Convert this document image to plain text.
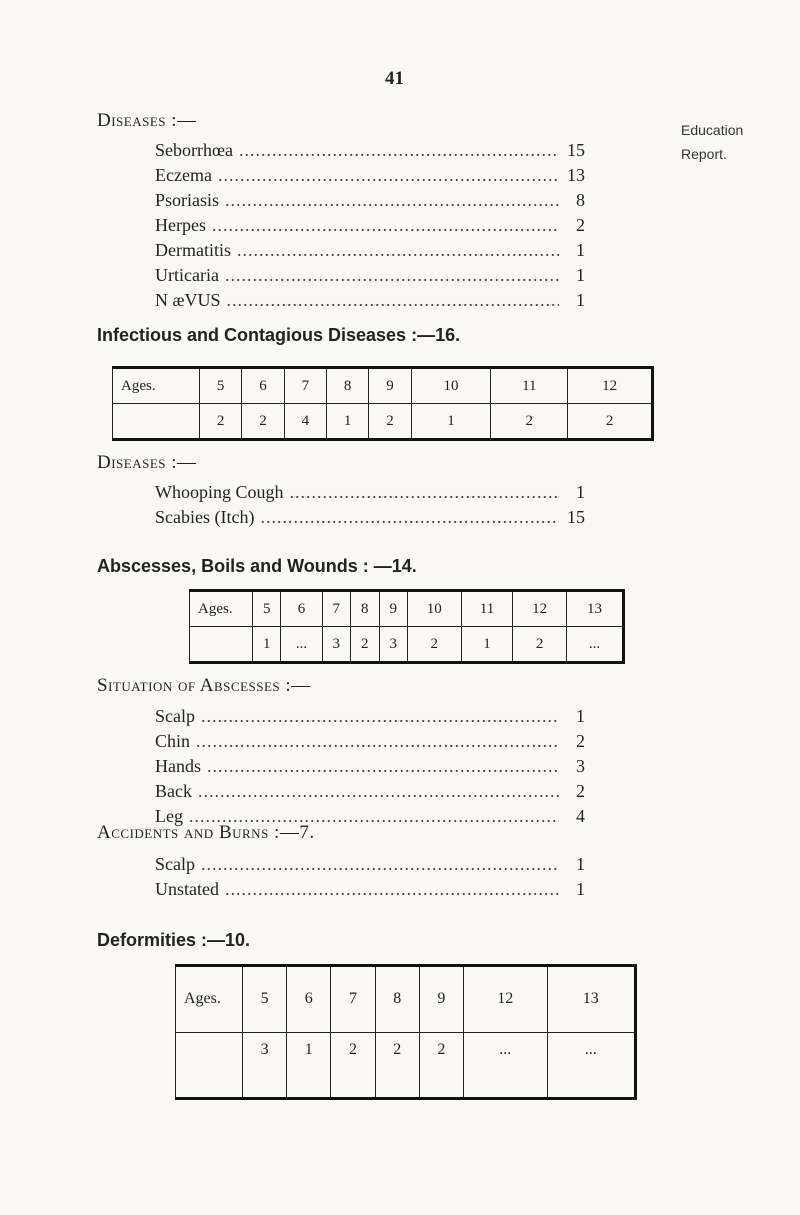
41
Education
Report.
Diseases :—
Seborrhœa .....	15
Eczema .....	13
Psoriasis .....	8
Herpes .....	2
Dermatitis .....	1
Urticaria .....	1
N æVUS .....	1
Infectious and Contagious Diseases :—16.
Ages.	5	6	7	8	9	10	11	12
	2	2	4	1	2	1	2	2
Diseases :—
Whooping Cough .....	1
Scabies (Itch) .....	15
Abscesses, Boils and Wounds : —14.
Ages.	5	6	7	8	9	10	11	12	13
	1	...	3	2	3	2	1	2	...
Situation of Abscesses :—
Scalp .....	1
Chin .....	2
Hands .....	3
Back .....	2
Leg .....	4
Accidents and Burns :—7.
Scalp .....	1
Unstated .....	1
Deformities :—10.
Ages.	5	6	7	8	9	12	13
	3	1	2	2	2	...	...
